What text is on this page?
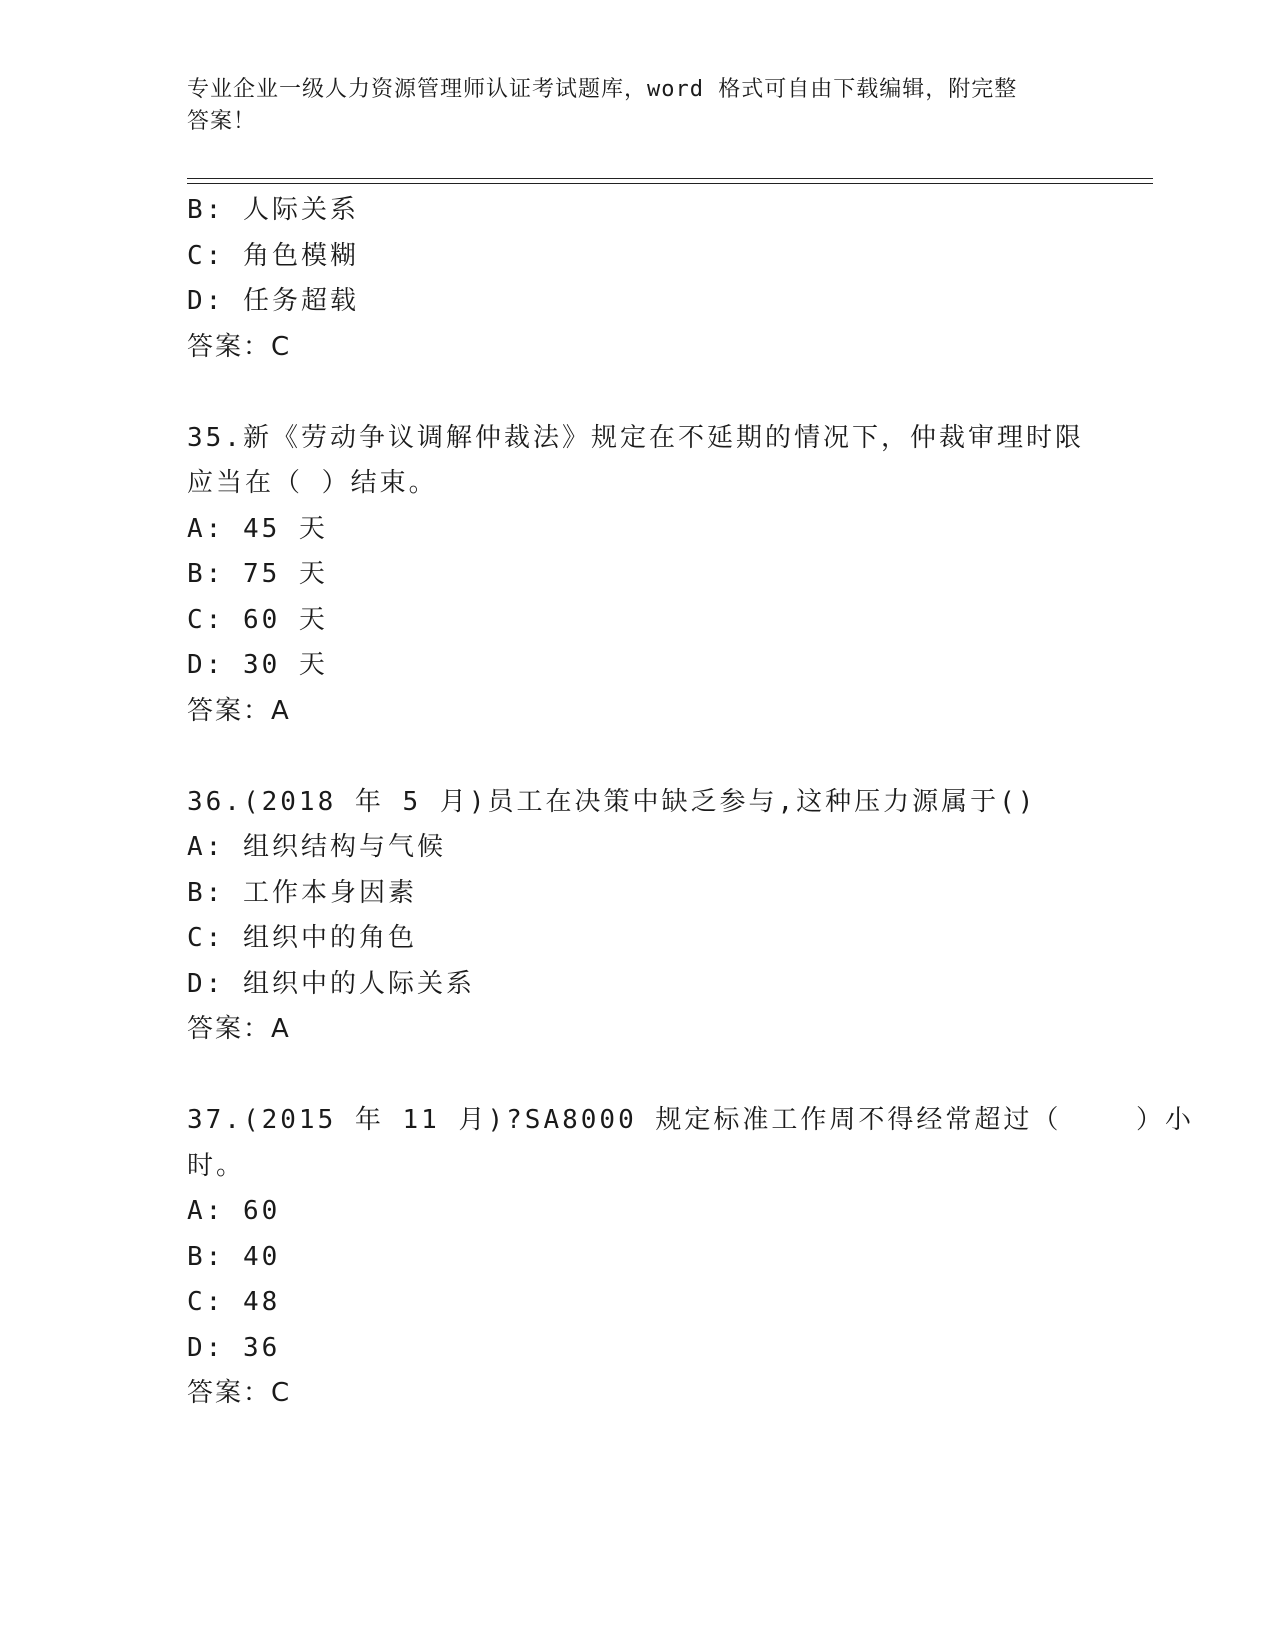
专业企业一级人力资源管理师认证考试题库，word 格式可自由下载编辑，附完整
答案！
B: 人际关系
C: 角色模糊
D: 任务超载
答案：C
35.新《劳动争议调解仲裁法》规定在不延期的情况下，仲裁审理时限
应当在（ ）结束。
A: 45 天
B: 75 天
C: 60 天
D: 30 天
答案：A
36.(2018 年 5 月)员工在决策中缺乏参与,这种压力源属于()
A: 组织结构与气候
B: 工作本身因素
C: 组织中的角色
D: 组织中的人际关系
答案：A
37.(2015 年 11 月)?SA8000 规定标准工作周不得经常超过（    ）小
时。
A: 60
B: 40
C: 48
D: 36
答案：C
